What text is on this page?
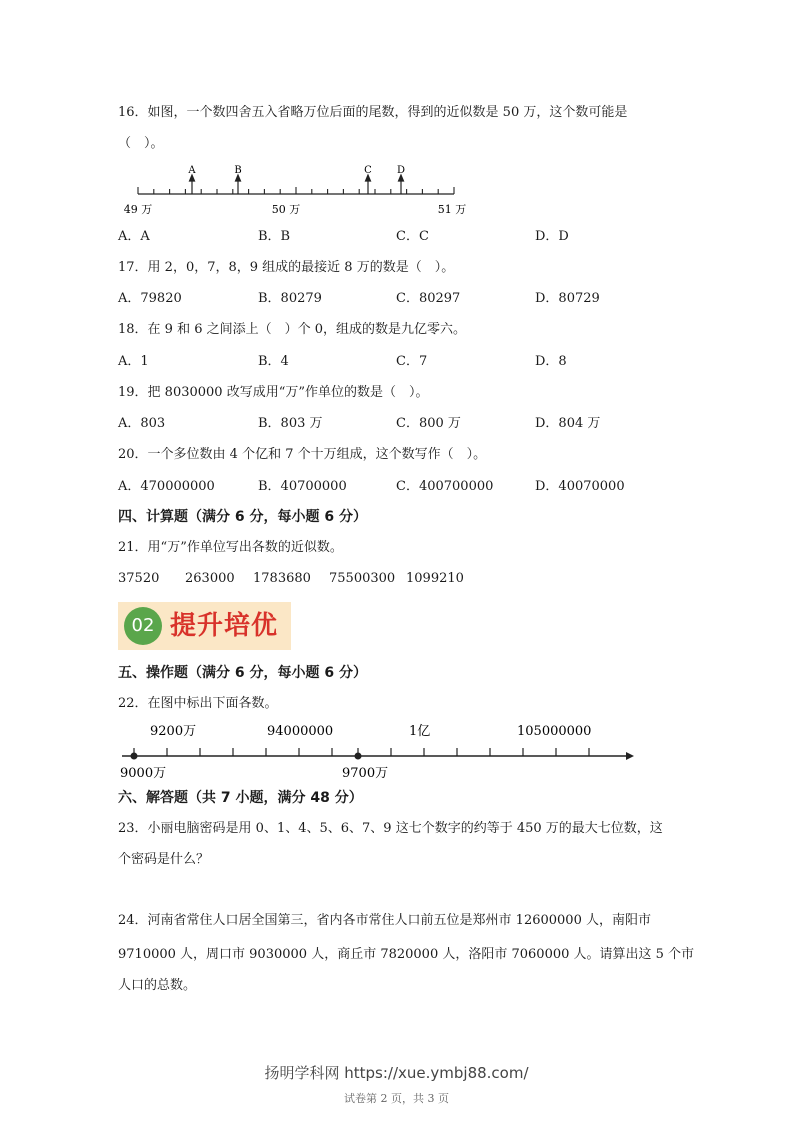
16．如图，一个数四舍五入省略万位后面的尾数，得到的近似数是 50 万，这个数可能是
（　）。
A	B	C	D
49 万	50 万	51 万
A．A	B．B	C．C	D．D
17．用 2，0，7，8，9 组成的最接近 8 万的数是（　）。
A．79820	B．80279	C．80297	D．80729
18．在 9 和 6 之间添上（　）个 0，组成的数是九亿零六。
A．1	B．4	C．7	D．8
19．把 8030000 改写成用“万”作单位的数是（　）。
A．803	B．803 万	C．800 万	D．804 万
20．一个多位数由 4 个亿和 7 个十万组成，这个数写作（　）。
A．470000000	B．40700000	C．400700000	D．40070000
四、计算题（满分 6 分，每小题 6 分）
21．用“万”作单位写出各数的近似数。
37520 263000 1783680 75500300 1099210
02 提升培优
五、操作题（满分 6 分，每小题 6 分）
22．在图中标出下面各数。
9200万	94000000	1亿	105000000
9000万	9700万
六、解答题（共 7 小题，满分 48 分）
23．小丽电脑密码是用 0、1、4、5、6、7、9 这七个数字的约等于 450 万的最大七位数，这
个密码是什么？
24．河南省常住人口居全国第三，省内各市常住人口前五位是郑州市 12600000 人，南阳市
9710000 人，周口市 9030000 人，商丘市 7820000 人，洛阳市 7060000 人。请算出这 5 个市
人口的总数。
扬明学科网 https://xue.ymbj88.com/
试卷第 2 页，共 3 页
